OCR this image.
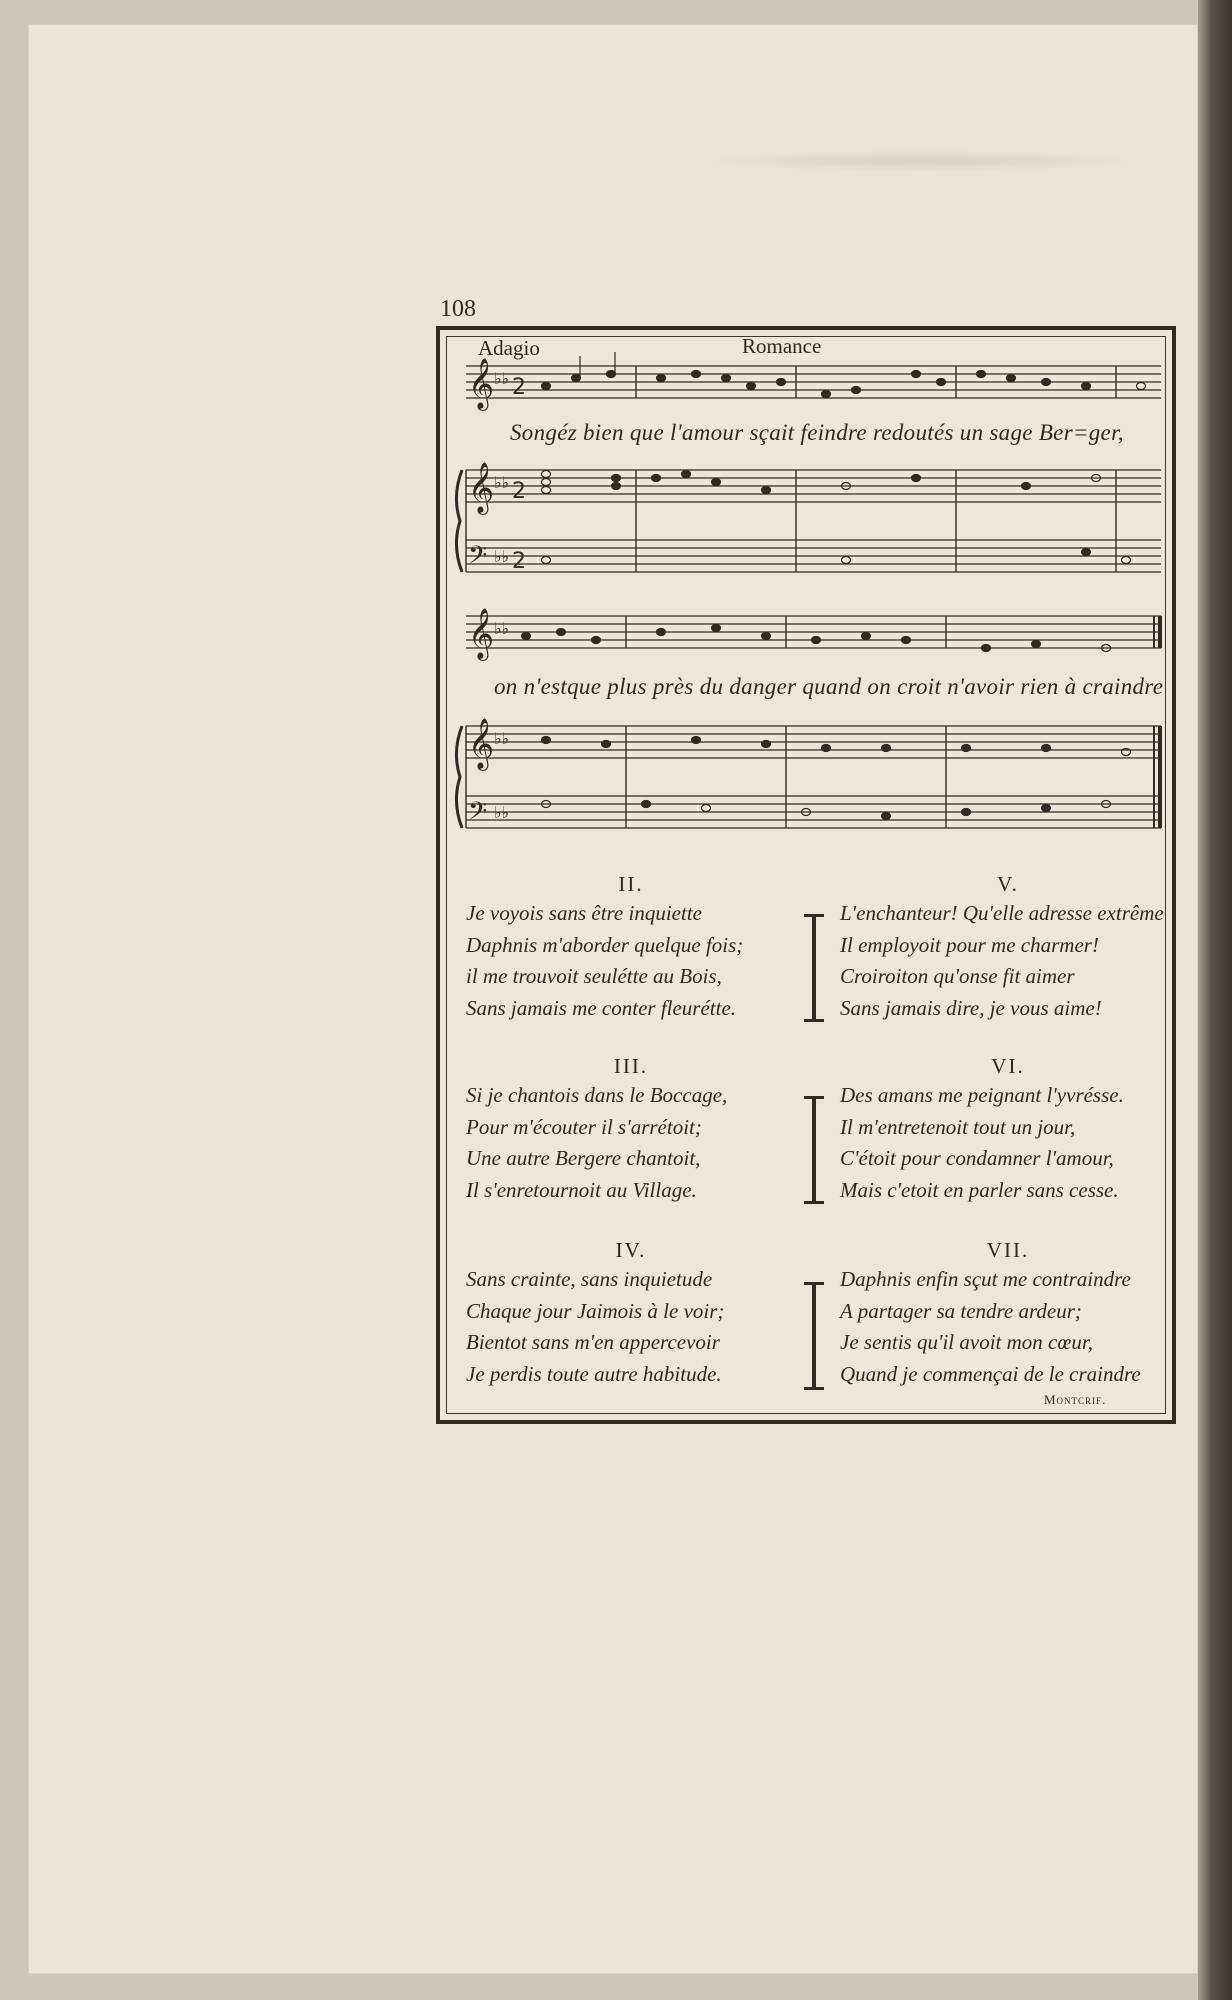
108
Adagio	Romance
𝄞
𝄞
𝄢
𝄞
𝄞
𝄢
♭♭
♭♭
♭♭
♭♭
♭♭
♭♭
2
2
2
Songéz bien que l'amour sçait feindre redoutés un sage Ber=ger,
on n'estque plus près du danger quand on croit n'avoir rien à craindre
II.
Je voyois sans être inquiette
Daphnis m'aborder quelque fois;
il me trouvoit seulétte au Bois,
Sans jamais me conter fleurétte.
III.
Si je chantois dans le Boccage,
Pour m'écouter il s'arrétoit;
Une autre Bergere chantoit,
Il s'enretournoit au Village.
IV.
Sans crainte, sans inquietude
Chaque jour Jaimois à le voir;
Bientot sans m'en appercevoir
Je perdis toute autre habitude.
V.
L'enchanteur! Qu'elle adresse extrême
Il employoit pour me charmer!
Croiroiton qu'onse fit aimer
Sans jamais dire, je vous aime!
VI.
Des amans me peignant l'yvrésse.
Il m'entretenoit tout un jour,
C'étoit pour condamner l'amour,
Mais c'etoit en parler sans cesse.
VII.
Daphnis enfin sçut me contraindre
A partager sa tendre ardeur;
Je sentis qu'il avoit mon cœur,
Quand je commençai de le craindre
Montcrif.
